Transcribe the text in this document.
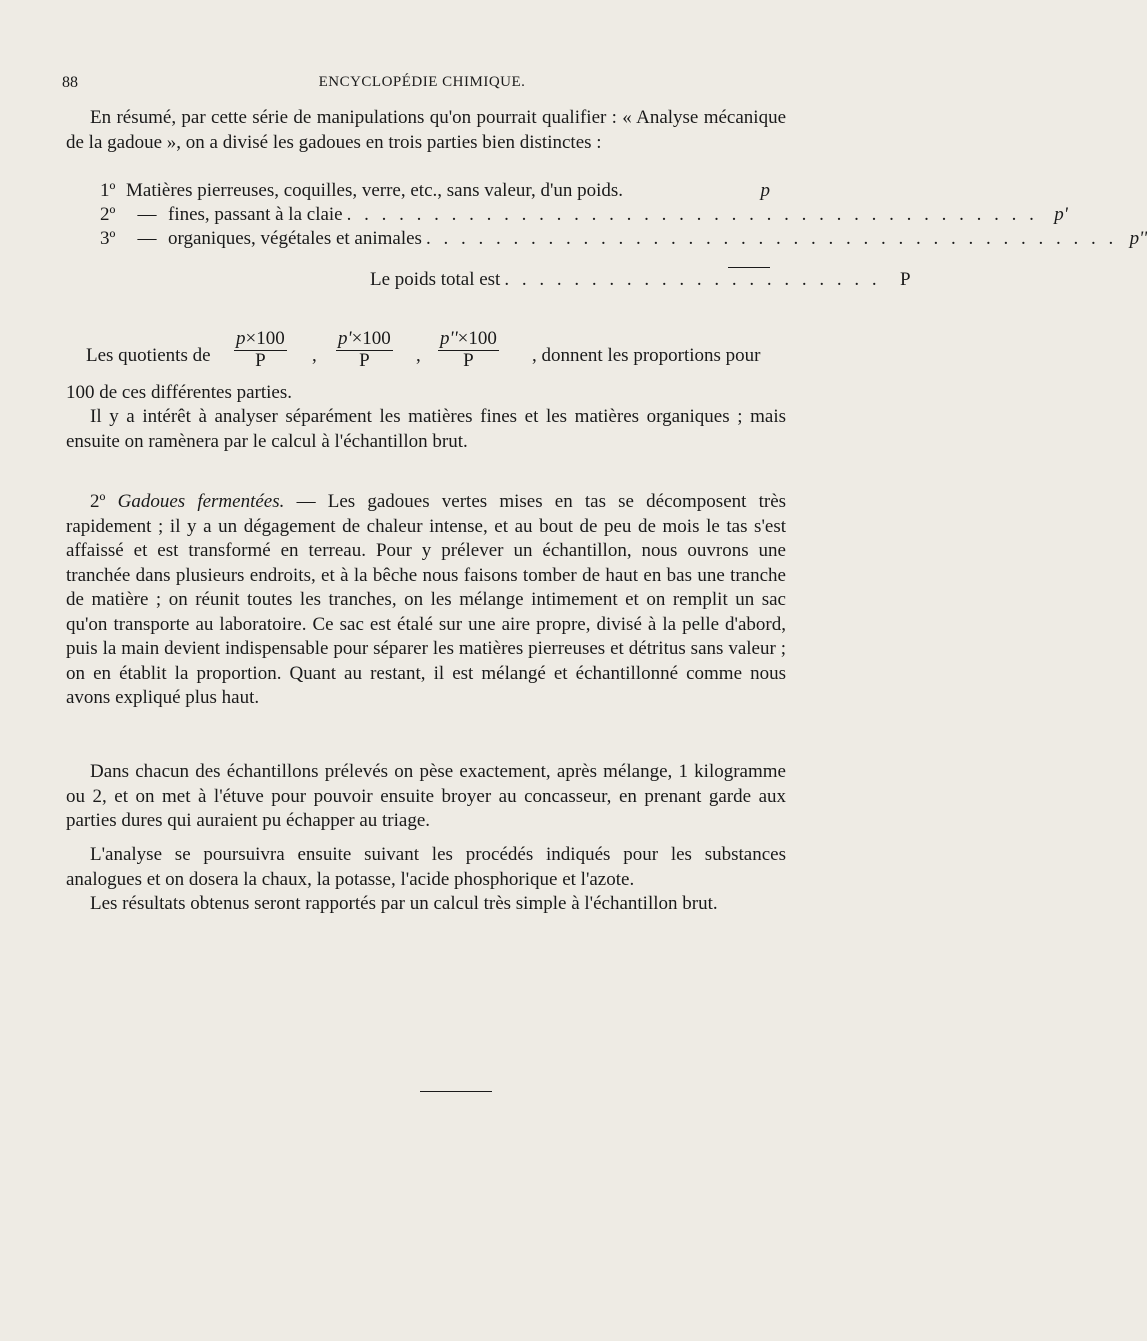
88	ENCYCLOPÉDIE CHIMIQUE.

En résumé, par cette série de manipulations qu'on pourrait qualifier : « Analyse mécanique de la gadoue », on a divisé les gadoues en trois parties bien distinctes :

1º Matières pierreuses, coquilles, verre, etc., sans valeur, d'un poids.	p
2º	— fines, passant à la claie . . . . . . . . . . . . . . . . . . . . . . . . . . . . . . . . . . . . . . . . p'
3º	— organiques, végétales et animales . . . . . . . . . . . . . . . . . . . . . . . . . . . . . . . . . . . . . . . . p''
Le poids total est . . . . . . . . . . . . . . . . . . . . . .	P
Les quotients de $\frac{p\times 100}{P}$ , $\frac{p'\times 100}{P}$ , $\frac{p''\times 100}{P}$ , donnent les proportions pour

100 de ces différentes parties.

Il y a intérêt à analyser séparément les matières fines et les matières organiques ; mais ensuite on ramènera par le calcul à l'échantillon brut.

2º Gadoues fermentées. — Les gadoues vertes mises en tas se décomposent très rapidement ; il y a un dégagement de chaleur intense, et au bout de peu de mois le tas s'est affaissé et est transformé en terreau. Pour y prélever un échantillon, nous ouvrons une tranchée dans plusieurs endroits, et à la bêche nous faisons tomber de haut en bas une tranche de matière ; on réunit toutes les tranches, on les mélange intimement et on remplit un sac qu'on transporte au laboratoire. Ce sac est étalé sur une aire propre, divisé à la pelle d'abord, puis la main devient indispensable pour séparer les matières pierreuses et détritus sans valeur ; on en établit la proportion. Quant au restant, il est mélangé et échantillonné comme nous avons expliqué plus haut.

Dans chacun des échantillons prélevés on pèse exactement, après mélange, 1 kilogramme ou 2, et on met à l'étuve pour pouvoir ensuite broyer au concasseur, en prenant garde aux parties dures qui auraient pu échapper au triage.

L'analyse se poursuivra ensuite suivant les procédés indiqués pour les substances analogues et on dosera la chaux, la potasse, l'acide phosphorique et l'azote.

Les résultats obtenus seront rapportés par un calcul très simple à l'échantillon brut.
